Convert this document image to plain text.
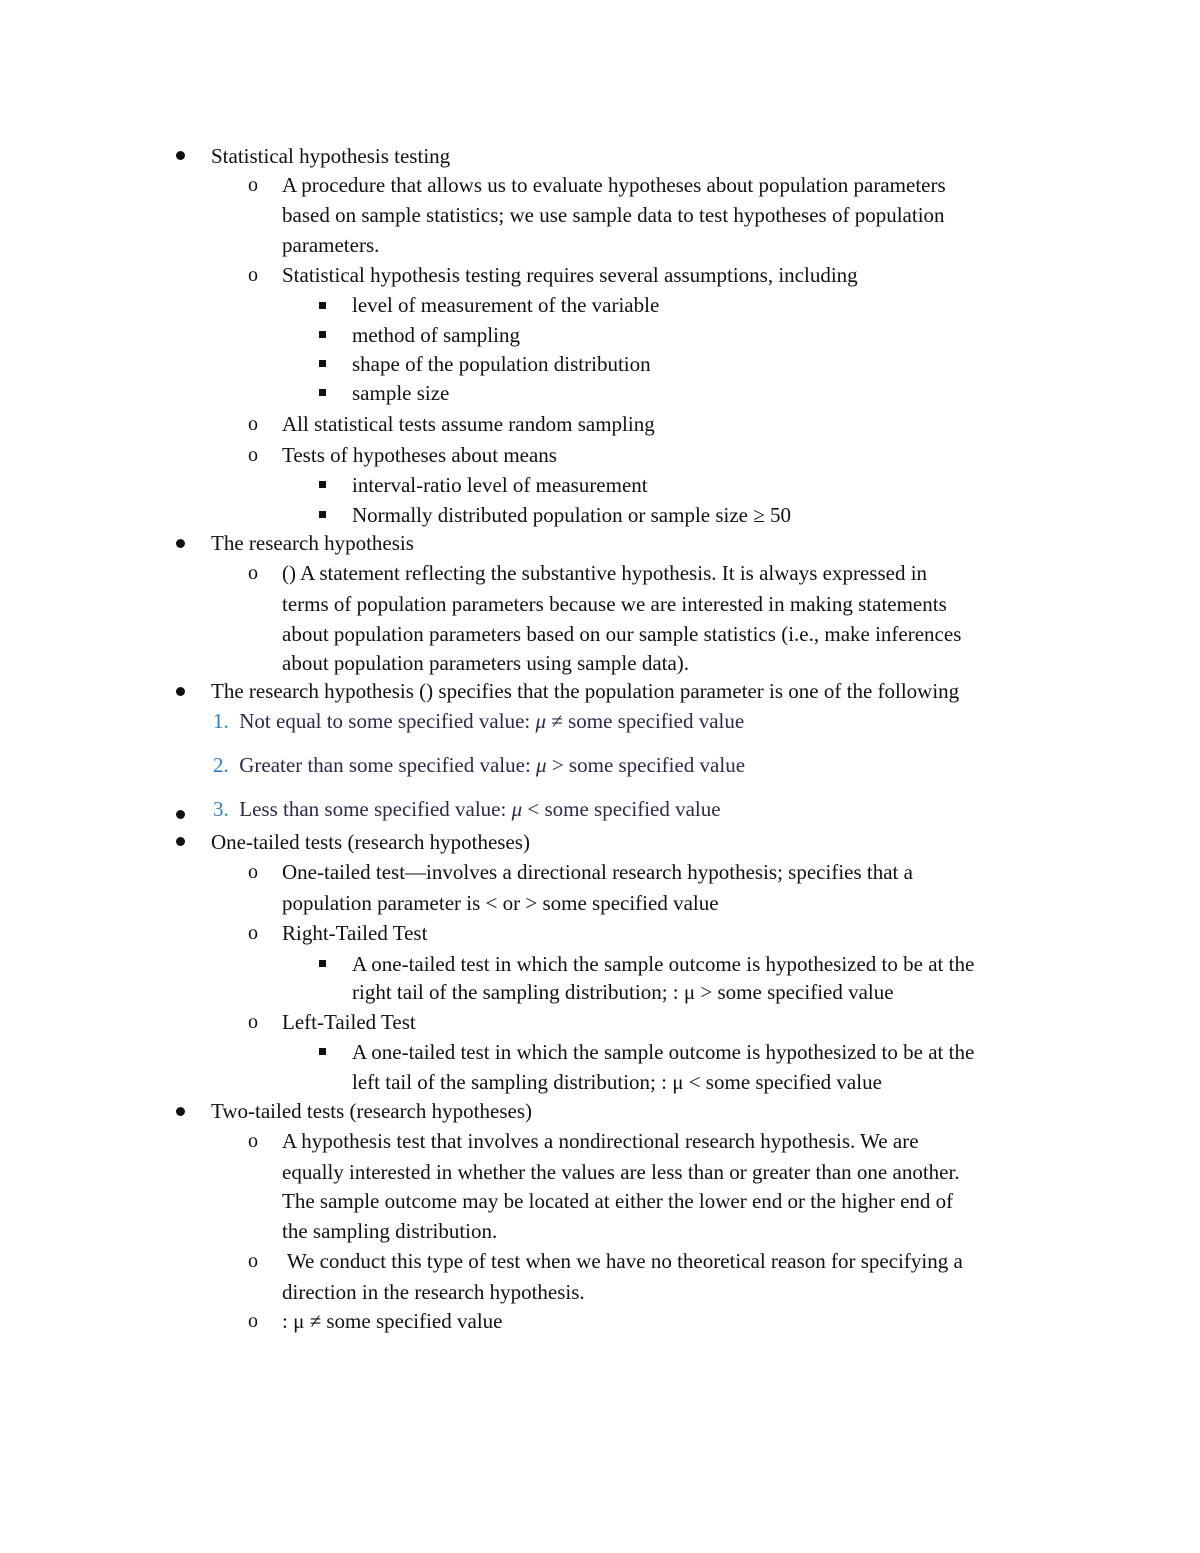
Statistical hypothesis testing
o A procedure that allows us to evaluate hypotheses about population parameters
based on sample statistics; we use sample data to test hypotheses of population
parameters.
o Statistical hypothesis testing requires several assumptions, including
level of measurement of the variable
method of sampling
shape of the population distribution
sample size
o All statistical tests assume random sampling
o Tests of hypotheses about means
interval-ratio level of measurement
Normally distributed population or sample size ≥ 50
The research hypothesis
o () A statement reflecting the substantive hypothesis. It is always expressed in
terms of population parameters because we are interested in making statements
about population parameters based on our sample statistics (i.e., make inferences
about population parameters using sample data).
The research hypothesis () specifies that the population parameter is one of the following
1. Not equal to some specified value: μ ≠ some specified value
2. Greater than some specified value: μ > some specified value
3. Less than some specified value: μ < some specified value
One-tailed tests (research hypotheses)
o One-tailed test—involves a directional research hypothesis; specifies that a
population parameter is < or > some specified value
o Right-Tailed Test
A one-tailed test in which the sample outcome is hypothesized to be at the
right tail of the sampling distribution; : μ > some specified value
o Left-Tailed Test
A one-tailed test in which the sample outcome is hypothesized to be at the
left tail of the sampling distribution; : μ < some specified value
Two-tailed tests (research hypotheses)
o A hypothesis test that involves a nondirectional research hypothesis. We are
equally interested in whether the values are less than or greater than one another.
The sample outcome may be located at either the lower end or the higher end of
the sampling distribution.
o We conduct this type of test when we have no theoretical reason for specifying a
direction in the research hypothesis.
o : μ ≠ some specified value
